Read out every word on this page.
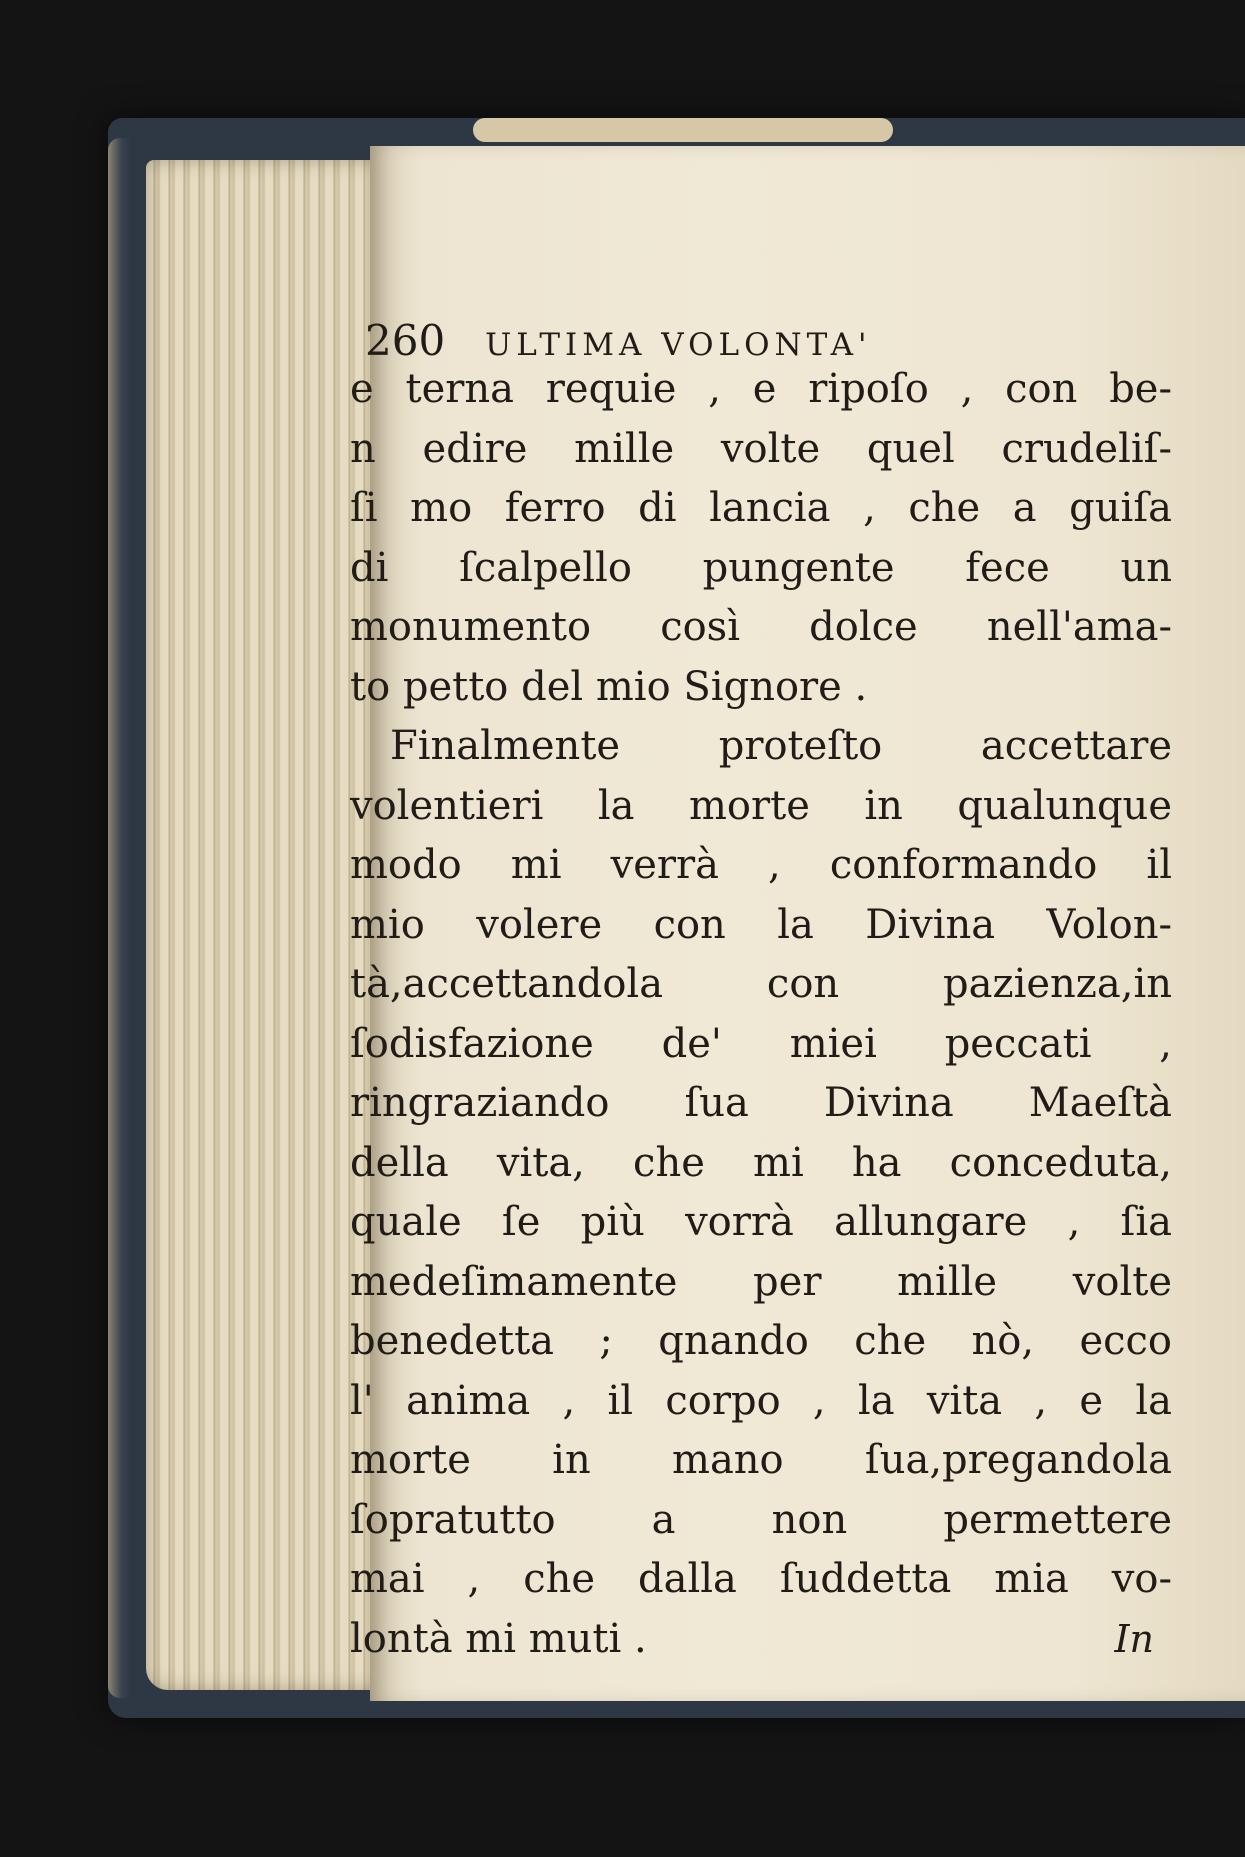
260 ULTIMA VOLONTA'
e terna requie , e ripoſo , con be-
n edire mille volte quel crudeliſ-
ſi mo ferro di lancia , che a guiſa
di ſcalpello pungente fece un
monumento così dolce nell'ama-
to petto del mio Signore .
Finalmente proteſto accettare
volentieri la morte in qualunque
modo mi verrà , conformando il
mio volere con la Divina Volon-
tà,accettandola con pazienza,in
ſodisfazione de' miei peccati ,
ringraziando ſua Divina Maeſtà
della vita, che mi ha conceduta,
quale ſe più vorrà allungare , ſia
medeſimamente per mille volte
benedetta ; qnando che nò, ecco
l' anima , il corpo , la vita , e la
morte in mano ſua,pregandola
ſopratutto a non permettere
mai , che dalla ſuddetta mia vo-
lontà mi muti .	In
